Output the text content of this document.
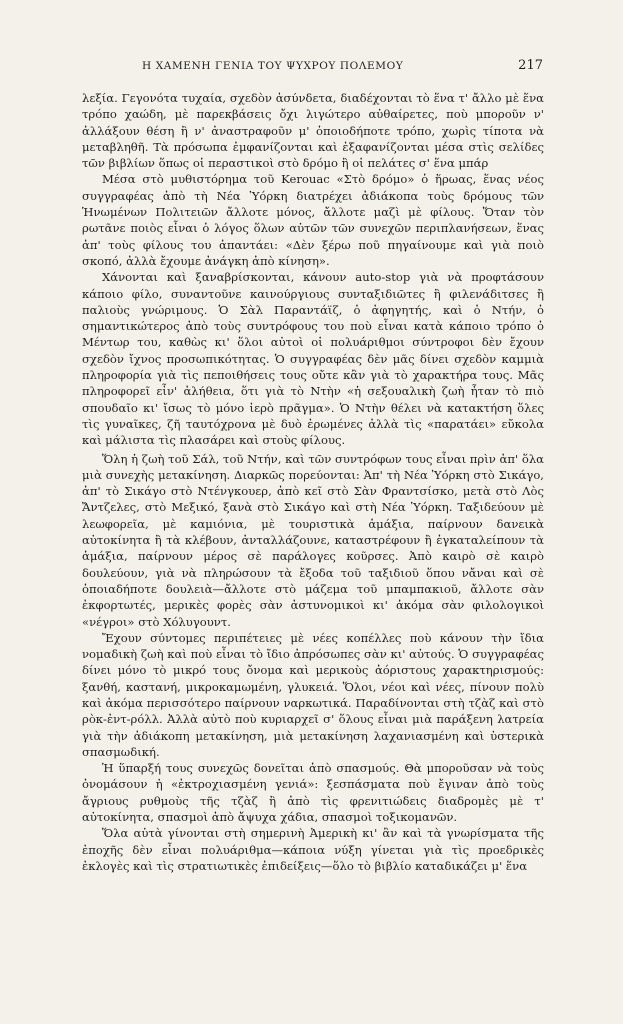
Η ΧΑΜΕΝΗ ΓΕΝΙΑ ΤΟΥ ΨΥΧΡΟΥ ΠΟΛΕΜΟΥ	217

λεξία. Γεγονότα τυχαία, σχεδὸν ἀσύνδετα, διαδέχονται τὸ ἕνα τ' ἄλλο μὲ ἕνα τρόπο χαώδη, μὲ παρεκβάσεις ὄχι λιγώτερο αὐθαίρετες, ποὺ μποροῦν ν' ἀλλάξουν θέση ἢ ν' ἀναστραφοῦν μ' ὁποιοδήποτε τρόπο, χωρὶς τίποτα νὰ μεταβληθῆ. Τὰ πρόσωπα ἐμφανίζονται καὶ ἐξαφανίζονται μέσα στὶς σελίδες τῶν βιβλίων ὅπως οἱ περαστικοὶ στὸ δρόμο ἢ οἱ πελάτες σ' ἕνα μπάρ

Μέσα στὸ μυθιστόρημα τοῦ Kerouac «Στὸ δρόμο» ὁ ἥρωας, ἕνας νέος συγγραφέας ἀπὸ τὴ Νέα Ὑόρκη διατρέχει ἀδιάκοπα τοὺς δρόμους τῶν Ἡνωμένων Πολιτειῶν ἄλλοτε μόνος, ἄλλοτε μαζὶ μὲ φίλους. Ὅταν τὸν ρωτᾶνε ποιὸς εἶναι ὁ λόγος ὅλων αὐτῶν τῶν συνεχῶν περιπλανήσεων, ἕνας ἀπ' τοὺς φίλους του ἀπαντάει: «Δὲν ξέρω ποῦ πηγαίνουμε καὶ γιὰ ποιὸ σκοπό, ἀλλὰ ἔχουμε ἀνάγκη ἀπὸ κίνηση».

Χάνονται καὶ ξαναβρίσκονται, κάνουν auto-stop γιὰ νὰ προφτάσουν κάποιο φίλο, συναντοῦνε καινούργιους συνταξιδιῶτες ἢ φιλενάδιτσες ἢ παλιοὺς γνώριμους. Ὁ Σὰλ Παραντάϊζ, ὁ ἀφηγητής, καὶ ὁ Ντήν, ὁ σημαντικώτερος ἀπὸ τοὺς συντρόφους του ποὺ εἶναι κατὰ κάποιο τρόπο ὁ Μέντωρ του, καθὼς κι' ὅλοι αὐτοὶ οἱ πολυάριθμοι σύντροφοι δὲν ἔχουν σχεδὸν ἴχνος προσωπικότητας. Ὁ συγγραφέας δὲν μᾶς δίνει σχεδὸν καμμιὰ πληροφορία γιὰ τὶς πεποιθήσεις τους οὔτε κἂν γιὰ τὸ χαρακτήρα τους. Μᾶς πληροφορεῖ εἶν' ἀλήθεια, ὅτι γιὰ τὸ Ντὴν «ἡ σεξουαλικὴ ζωὴ ἦταν τὸ πιὸ σπουδαῖο κι' ἴσως τὸ μόνο ἱερὸ πρᾶγμα». Ὁ Ντὴν θέλει νὰ κατακτήση ὅλες τὶς γυναῖκες, ζῆ ταυτόχρονα μὲ δυὸ ἐρωμένες ἀλλὰ τὶς «παρατάει» εὔκολα καὶ μάλιστα τὶς πλασάρει καὶ στοὺς φίλους.

Ὅλη ἡ ζωὴ τοῦ Σάλ, τοῦ Ντήν, καὶ τῶν συντρόφων τους εἶναι πρὶν ἀπ' ὅλα μιὰ συνεχὴς μετακίνηση. Διαρκῶς πορεύονται: Ἀπ' τὴ Νέα Ὑόρκη στὸ Σικάγο, ἀπ' τὸ Σικάγο στὸ Ντένγκουερ, ἀπὸ κεῖ στὸ Σὰν Φραντσίσκο, μετὰ στὸ Λὸς Ἄντζελες, στὸ Μεξικό, ξανὰ στὸ Σικάγο καὶ στὴ Νέα Ὑόρκη. Ταξιδεύουν μὲ λεωφορεῖα, μὲ καμιόνια, μὲ τουριστικὰ ἁμάξια, παίρνουν δανεικὰ αὐτοκίνητα ἢ τὰ κλέβουν, ἀνταλλάζουνε, καταστρέφουν ἢ ἐγκαταλείπουν τὰ ἁμάξια, παίρνουν μέρος σὲ παράλογες κοῦρσες. Ἀπὸ καιρὸ σὲ καιρὸ δουλεύουν, γιὰ νὰ πληρώσουν τὰ ἔξοδα τοῦ ταξιδιοῦ ὅπου νἄναι καὶ σὲ ὁποιαδήποτε δουλειὰ—ἄλλοτε στὸ μάζεμα τοῦ μπαμπακιοῦ, ἄλλοτε σὰν ἐκφορτωτές, μερικὲς φορὲς σὰν ἀστυνομικοὶ κι' ἀκόμα σὰν φιλολογικοὶ «νέγροι» στὸ Χόλυγουντ.

Ἔχουν σύντομες περιπέτειες μὲ νέες κοπέλλες ποὺ κάνουν τὴν ἴδια νομαδικὴ ζωὴ καὶ ποὺ εἶναι τὸ ἴδιο ἀπρόσωπες σὰν κι' αὐτούς. Ὁ συγγραφέας δίνει μόνο τὸ μικρό τους ὄνομα καὶ μερικοὺς ἀόριστους χαρακτηρισμούς: ξανθή, καστανή, μικροκαμωμένη, γλυκειά. Ὅλοι, νέοι καὶ νέες, πίνουν πολὺ καὶ ἀκόμα περισσότερο παίρνουν ναρκωτικά. Παραδίνονται στὴ τζὰζ καὶ στὸ ρὸκ-ἐντ-ρόλλ. Ἀλλὰ αὐτὸ ποὺ κυριαρχεῖ σ' ὅλους εἶναι μιὰ παράξενη λατρεία γιὰ τὴν ἀδιάκοπη μετακίνηση, μιὰ μετακίνηση λαχανιασμένη καὶ ὑστερικὰ σπασμωδική.

Ἡ ὕπαρξή τους συνεχῶς δονεῖται ἀπὸ σπασμούς. Θὰ μποροῦσαν νὰ τοὺς ὀνομάσουν ἡ «ἐκτροχιασμένη γενιά»: ξεσπάσματα ποὺ ἔγιναν ἀπὸ τοὺς ἄγριους ρυθμοὺς τῆς τζὰζ ἢ ἀπὸ τὶς φρενιτιώδεις διαδρομὲς μὲ τ' αὐτοκίνητα, σπασμοὶ ἀπὸ ἄψυχα χάδια, σπασμοὶ τοξικομανῶν.

Ὅλα αὐτὰ γίνονται στὴ σημερινὴ Ἀμερικὴ κι' ἂν καὶ τὰ γνωρίσματα τῆς ἐποχῆς δὲν εἶναι πολυάριθμα—κάποια νύξη γίνεται γιὰ τὶς προεδρικὲς ἐκλογὲς καὶ τὶς στρατιωτικὲς ἐπιδείξεις—ὅλο τὸ βιβλίο καταδικάζει μ' ἕνα
